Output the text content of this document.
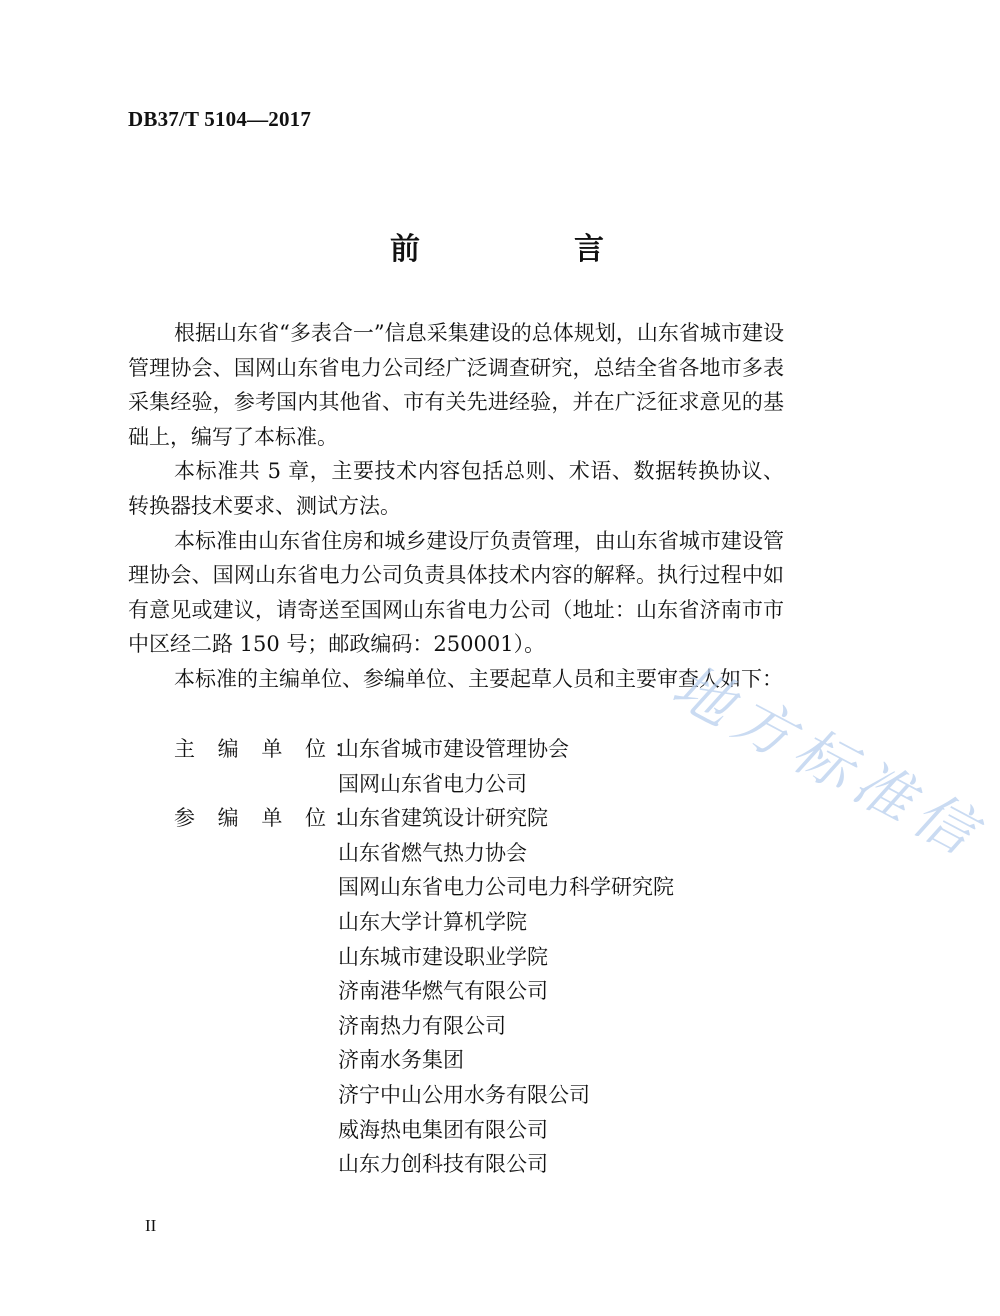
DB37/T 5104—2017
前　言

根据山东省“多表合一”信息采集建设的总体规划，山东省城市建设管理协会、国网山东省电力公司经广泛调查研究，总结全省各地市多表采集经验，参考国内其他省、市有关先进经验，并在广泛征求意见的基础上，编写了本标准。

本标准共 5 章，主要技术内容包括总则、术语、数据转换协议、转换器技术要求、测试方法。

本标准由山东省住房和城乡建设厅负责管理，由山东省城市建设管理协会、国网山东省电力公司负责具体技术内容的解释。执行过程中如有意见或建议，请寄送至国网山东省电力公司（地址：山东省济南市市中区经二路 150 号；邮政编码：250001）。

本标准的主编单位、参编单位、主要起草人员和主要审查人如下：

主 编 单 位：
山东省城市建设管理协会
国网山东省电力公司
参 编 单 位：
山东省建筑设计研究院
山东省燃气热力协会
国网山东省电力公司电力科学研究院
山东大学计算机学院
山东城市建设职业学院
济南港华燃气有限公司
济南热力有限公司
济南水务集团
济宁中山公用水务有限公司
威海热电集团有限公司
山东力创科技有限公司
地方标准信
II
